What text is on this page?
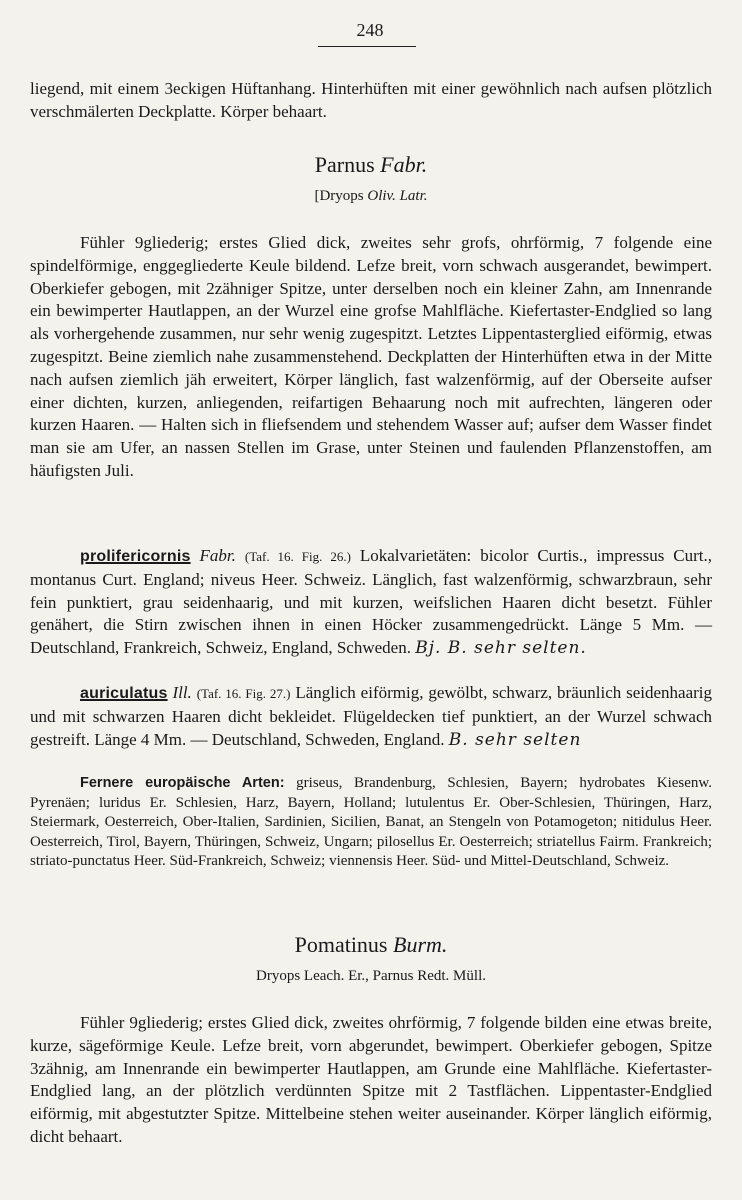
248
liegend, mit einem 3eckigen Hüftanhang. Hinterhüften mit einer gewöhnlich nach aufsen plötzlich verschmälerten Deckplatte. Körper behaart.
Parnus Fabr.
[Dryops Oliv. Latr.
Fühler 9gliederig; erstes Glied dick, zweites sehr grofs, ohrförmig, 7 folgende eine spindelförmige, enggegliederte Keule bildend. Lefze breit, vorn schwach ausgerandet, bewimpert. Oberkiefer gebogen, mit 2zähniger Spitze, unter derselben noch ein kleiner Zahn, am Innenrande ein bewimperter Hautlappen, an der Wurzel eine grofse Mahlfläche. Kiefertaster-Endglied so lang als vorhergehende zusammen, nur sehr wenig zugespitzt. Letztes Lippentasterglied eiförmig, etwas zugespitzt. Beine ziemlich nahe zusammenstehend. Deckplatten der Hinterhüften etwa in der Mitte nach aufsen ziemlich jäh erweitert, Körper länglich, fast walzenförmig, auf der Oberseite aufser einer dichten, kurzen, anliegenden, reifartigen Behaarung noch mit aufrechten, längeren oder kurzen Haaren. — Halten sich in fliefsendem und stehendem Wasser auf; aufser dem Wasser findet man sie am Ufer, an nassen Stellen im Grase, unter Steinen und faulenden Pflanzenstoffen, am häufigsten Juli.
prolifericornis Fabr. (Taf. 16. Fig. 26.) Lokalvarietäten: bicolor Curtis., impressus Curt., montanus Curt. England; niveus Heer. Schweiz. Länglich, fast walzenförmig, schwarzbraun, sehr fein punktiert, grau seidenhaarig, und mit kurzen, weifslichen Haaren dicht besetzt. Fühler genähert, die Stirn zwischen ihnen in einen Höcker zusammengedrückt. Länge 5 Mm. — Deutschland, Frankreich, Schweiz, England, Schweden. Bj. B. sehr selten.
auriculatus Ill. (Taf. 16. Fig. 27.) Länglich eiförmig, gewölbt, schwarz, bräunlich seidenhaarig und mit schwarzen Haaren dicht bekleidet. Flügeldecken tief punktiert, an der Wurzel schwach gestreift. Länge 4 Mm. — Deutschland, Schweden, England. B. sehr selten
Fernere europäische Arten: griseus, Brandenburg, Schlesien, Bayern; hydrobates Kiesenw. Pyrenäen; luridus Er. Schlesien, Harz, Bayern, Holland; lutulentus Er. Ober-Schlesien, Thüringen, Harz, Steiermark, Oesterreich, Ober-Italien, Sardinien, Sicilien, Banat, an Stengeln von Potamogeton; nitidulus Heer. Oesterreich, Tirol, Bayern, Thüringen, Schweiz, Ungarn; pilosellus Er. Oesterreich; striatellus Fairm. Frankreich; striato-punctatus Heer. Süd-Frankreich, Schweiz; viennensis Heer. Süd- und Mittel-Deutschland, Schweiz.
Pomatinus Burm.
Dryops Leach. Er., Parnus Redt. Müll.
Fühler 9gliederig; erstes Glied dick, zweites ohrförmig, 7 folgende bilden eine etwas breite, kurze, sägeförmige Keule. Lefze breit, vorn abgerundet, bewimpert. Oberkiefer gebogen, Spitze 3zähnig, am Innenrande ein bewimperter Hautlappen, am Grunde eine Mahlfläche. Kiefertaster-Endglied lang, an der plötzlich verdünnten Spitze mit 2 Tastflächen. Lippentaster-Endglied eiförmig, mit abgestutzter Spitze. Mittelbeine stehen weiter auseinander. Körper länglich eiförmig, dicht behaart.
